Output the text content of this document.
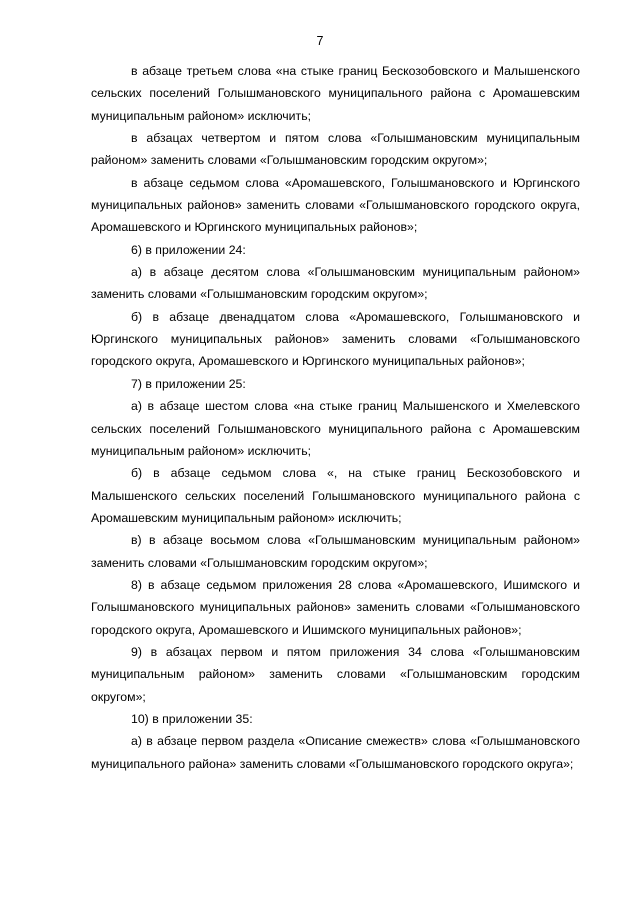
7

в абзаце третьем слова «на стыке границ Бескозобовского и Малышенского сельских поселений Голышмановского муниципального района с Аромашевским муниципальным районом» исключить;

в абзацах четвертом и пятом слова «Голышмановским муниципальным районом» заменить словами «Голышмановским городским округом»;

в абзаце седьмом слова «Аромашевского, Голышмановского и Юргинского муниципальных районов» заменить словами «Голышмановского городского округа, Аромашевского и Юргинского муниципальных районов»;

6) в приложении 24:

а) в абзаце десятом слова «Голышмановским муниципальным районом» заменить словами «Голышмановским городским округом»;

б) в абзаце двенадцатом слова «Аромашевского, Голышмановского и Юргинского муниципальных районов» заменить словами «Голышмановского городского округа, Аромашевского и Юргинского муниципальных районов»;

7) в приложении 25:

а) в абзаце шестом слова «на стыке границ Малышенского и Хмелевского сельских поселений Голышмановского муниципального района с Аромашевским муниципальным районом» исключить;

б) в абзаце седьмом слова «, на стыке границ Бескозобовского и Малышенского сельских поселений Голышмановского муниципального района с Аромашевским муниципальным районом» исключить;

в) в абзаце восьмом слова «Голышмановским муниципальным районом» заменить словами «Голышмановским городским округом»;

8) в абзаце седьмом приложения 28 слова «Аромашевского, Ишимского и Голышмановского муниципальных районов» заменить словами «Голышмановского городского округа, Аромашевского и Ишимского муниципальных районов»;

9) в абзацах первом и пятом приложения 34 слова «Голышмановским муниципальным районом» заменить словами «Голышмановским городским округом»;

10) в приложении 35:

а) в абзаце первом раздела «Описание смежеств» слова «Голышмановского муниципального района» заменить словами «Голышмановского городского округа»;
